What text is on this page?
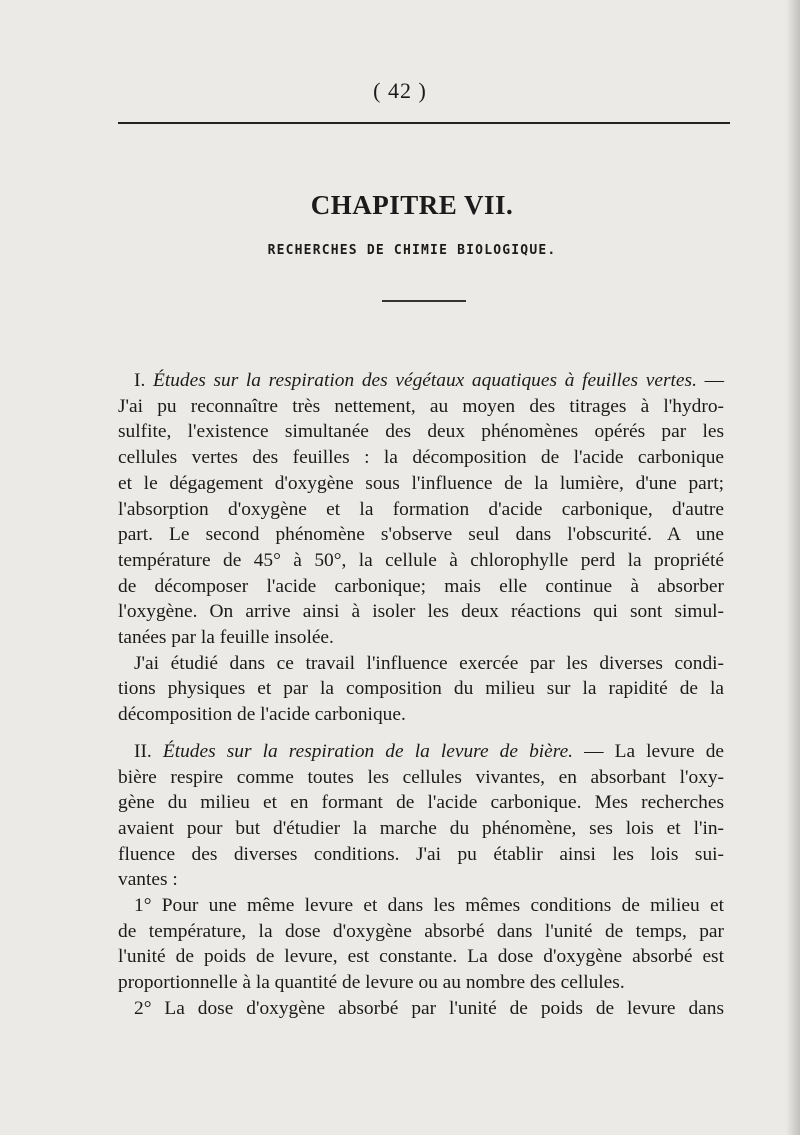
( 42 )
CHAPITRE VII.
RECHERCHES DE CHIMIE BIOLOGIQUE.

I. Études sur la respiration des végétaux aquatiques à feuilles vertes. —

J'ai pu reconnaître très nettement, au moyen des titrages à l'hydro-

sulfite, l'existence simultanée des deux phénomènes opérés par les

cellules vertes des feuilles : la décomposition de l'acide carbonique

et le dégagement d'oxygène sous l'influence de la lumière, d'une part;

l'absorption d'oxygène et la formation d'acide carbonique, d'autre

part. Le second phénomène s'observe seul dans l'obscurité. A une

température de 45° à 50°, la cellule à chlorophylle perd la propriété

de décomposer l'acide carbonique; mais elle continue à absorber

l'oxygène. On arrive ainsi à isoler les deux réactions qui sont simul-

tanées par la feuille insolée.

J'ai étudié dans ce travail l'influence exercée par les diverses condi-

tions physiques et par la composition du milieu sur la rapidité de la

décomposition de l'acide carbonique.

II. Études sur la respiration de la levure de bière. — La levure de

bière respire comme toutes les cellules vivantes, en absorbant l'oxy-

gène du milieu et en formant de l'acide carbonique. Mes recherches

avaient pour but d'étudier la marche du phénomène, ses lois et l'in-

fluence des diverses conditions. J'ai pu établir ainsi les lois sui-

vantes :

1° Pour une même levure et dans les mêmes conditions de milieu et

de température, la dose d'oxygène absorbé dans l'unité de temps, par

l'unité de poids de levure, est constante. La dose d'oxygène absorbé est

proportionnelle à la quantité de levure ou au nombre des cellules.

2° La dose d'oxygène absorbé par l'unité de poids de levure dans
